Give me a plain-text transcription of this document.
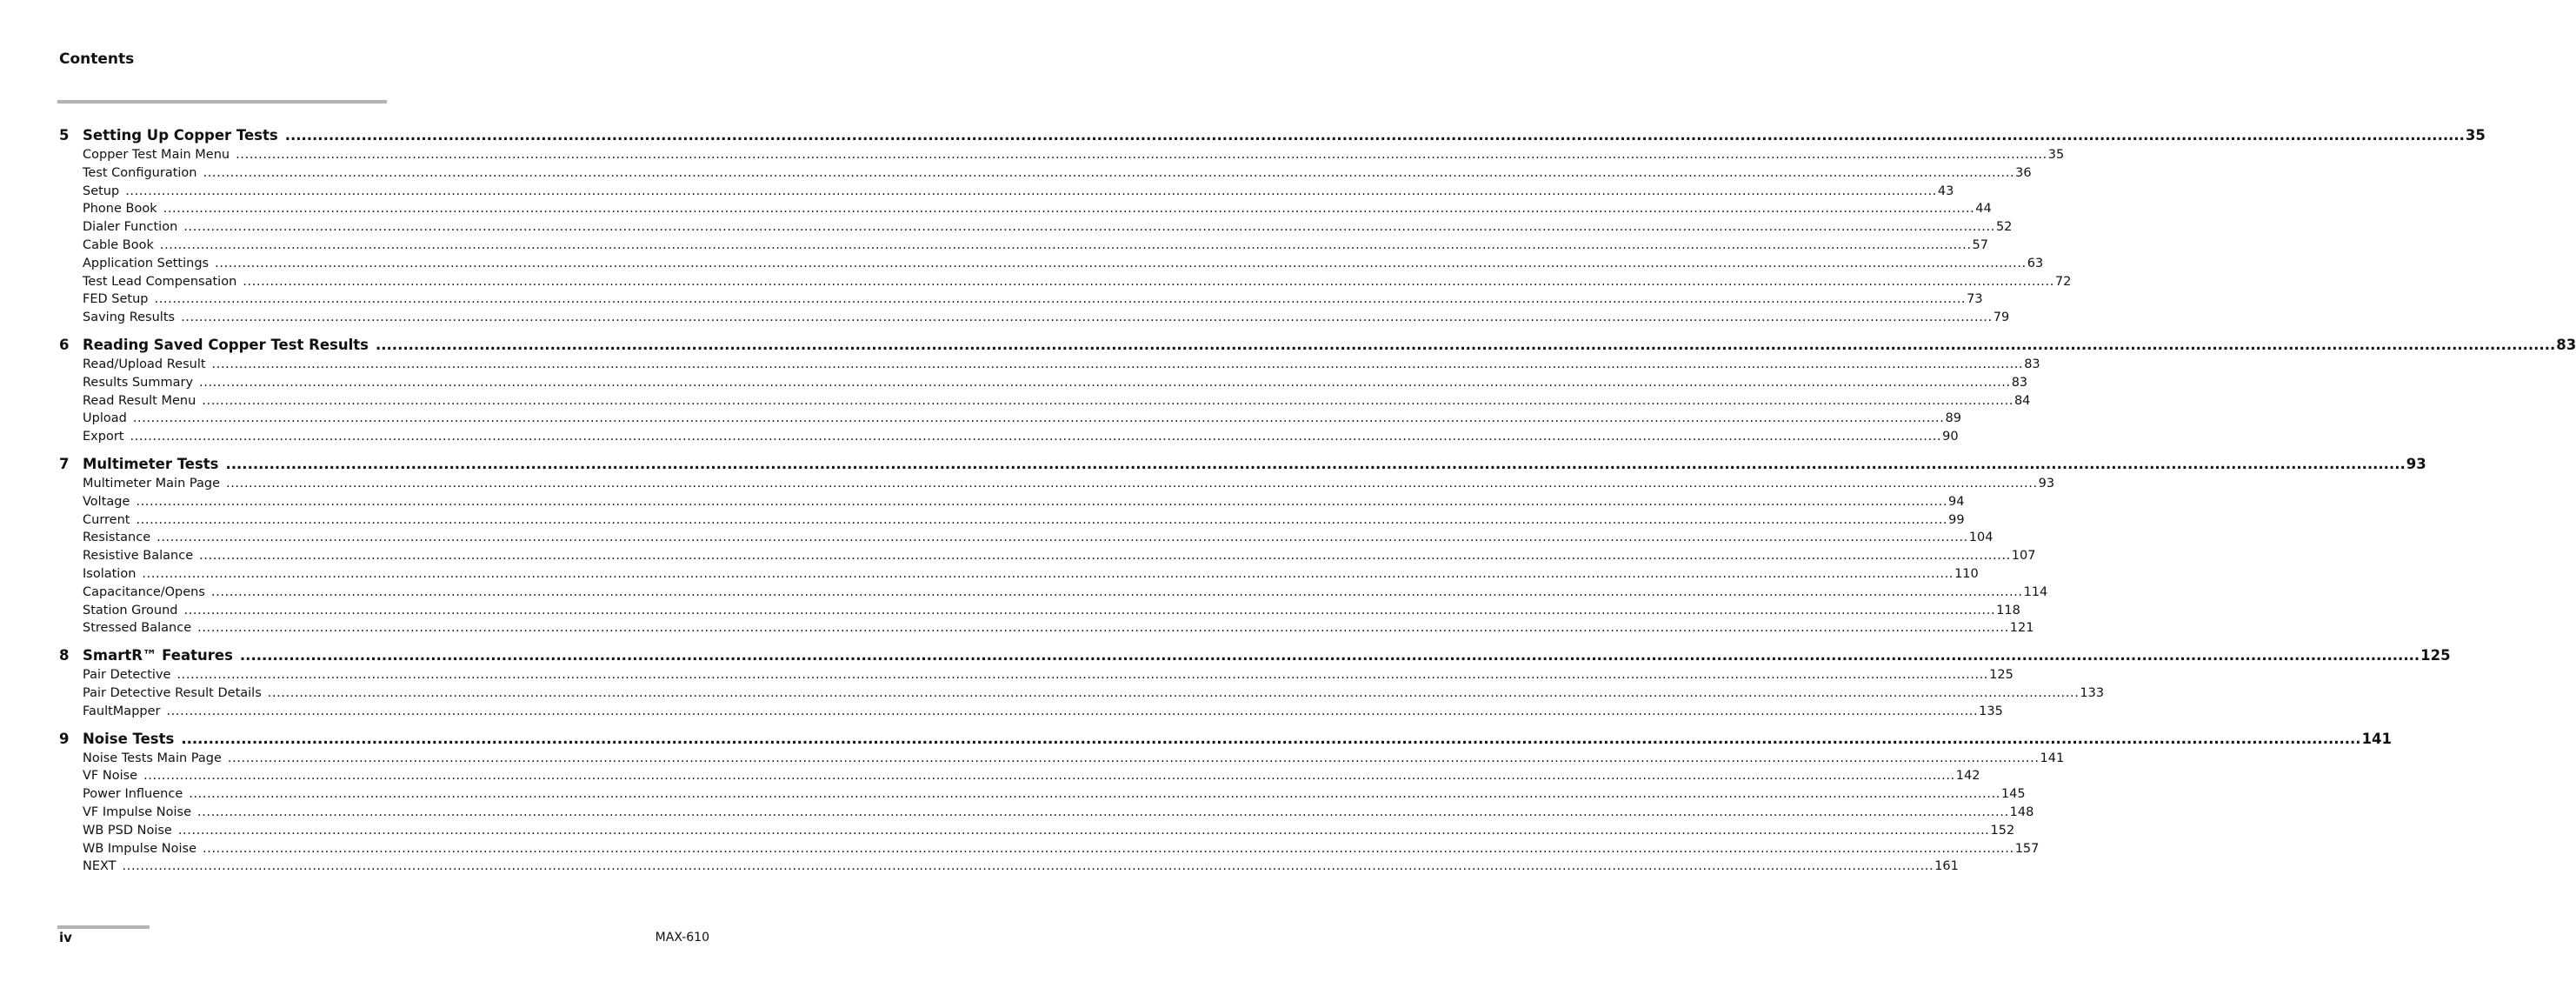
Contents
5 Setting Up Copper Tests ................................................................................................................................................................................................................................................................................................................................................................................................................ 35
Copper Test Main Menu ................................................................................................................................................................................................................................................................................................................................................................................................................ 35
Test Configuration ................................................................................................................................................................................................................................................................................................................................................................................................................ 36
Setup ................................................................................................................................................................................................................................................................................................................................................................................................................ 43
Phone Book ................................................................................................................................................................................................................................................................................................................................................................................................................ 44
Dialer Function ................................................................................................................................................................................................................................................................................................................................................................................................................ 52
Cable Book ................................................................................................................................................................................................................................................................................................................................................................................................................ 57
Application Settings ................................................................................................................................................................................................................................................................................................................................................................................................................ 63
Test Lead Compensation ................................................................................................................................................................................................................................................................................................................................................................................................................ 72
FED Setup ................................................................................................................................................................................................................................................................................................................................................................................................................ 73
Saving Results ................................................................................................................................................................................................................................................................................................................................................................................................................ 79
6 Reading Saved Copper Test Results ................................................................................................................................................................................................................................................................................................................................................................................................................ 83
Read/Upload Result ................................................................................................................................................................................................................................................................................................................................................................................................................ 83
Results Summary ................................................................................................................................................................................................................................................................................................................................................................................................................ 83
Read Result Menu ................................................................................................................................................................................................................................................................................................................................................................................................................ 84
Upload ................................................................................................................................................................................................................................................................................................................................................................................................................ 89
Export ................................................................................................................................................................................................................................................................................................................................................................................................................ 90
7 Multimeter Tests ................................................................................................................................................................................................................................................................................................................................................................................................................ 93
Multimeter Main Page ................................................................................................................................................................................................................................................................................................................................................................................................................ 93
Voltage ................................................................................................................................................................................................................................................................................................................................................................................................................ 94
Current ................................................................................................................................................................................................................................................................................................................................................................................................................ 99
Resistance ................................................................................................................................................................................................................................................................................................................................................................................................................ 104
Resistive Balance ................................................................................................................................................................................................................................................................................................................................................................................................................ 107
Isolation ................................................................................................................................................................................................................................................................................................................................................................................................................ 110
Capacitance/Opens ................................................................................................................................................................................................................................................................................................................................................................................................................ 114
Station Ground ................................................................................................................................................................................................................................................................................................................................................................................................................ 118
Stressed Balance ................................................................................................................................................................................................................................................................................................................................................................................................................ 121
8 SmartR™ Features ................................................................................................................................................................................................................................................................................................................................................................................................................ 125
Pair Detective ................................................................................................................................................................................................................................................................................................................................................................................................................ 125
Pair Detective Result Details ................................................................................................................................................................................................................................................................................................................................................................................................................ 133
FaultMapper ................................................................................................................................................................................................................................................................................................................................................................................................................ 135
9 Noise Tests ................................................................................................................................................................................................................................................................................................................................................................................................................ 141
Noise Tests Main Page ................................................................................................................................................................................................................................................................................................................................................................................................................ 141
VF Noise ................................................................................................................................................................................................................................................................................................................................................................................................................ 142
Power Influence ................................................................................................................................................................................................................................................................................................................................................................................................................ 145
VF Impulse Noise ................................................................................................................................................................................................................................................................................................................................................................................................................ 148
WB PSD Noise ................................................................................................................................................................................................................................................................................................................................................................................................................ 152
WB Impulse Noise ................................................................................................................................................................................................................................................................................................................................................................................................................ 157
NEXT ................................................................................................................................................................................................................................................................................................................................................................................................................ 161
iv	MAX-610
